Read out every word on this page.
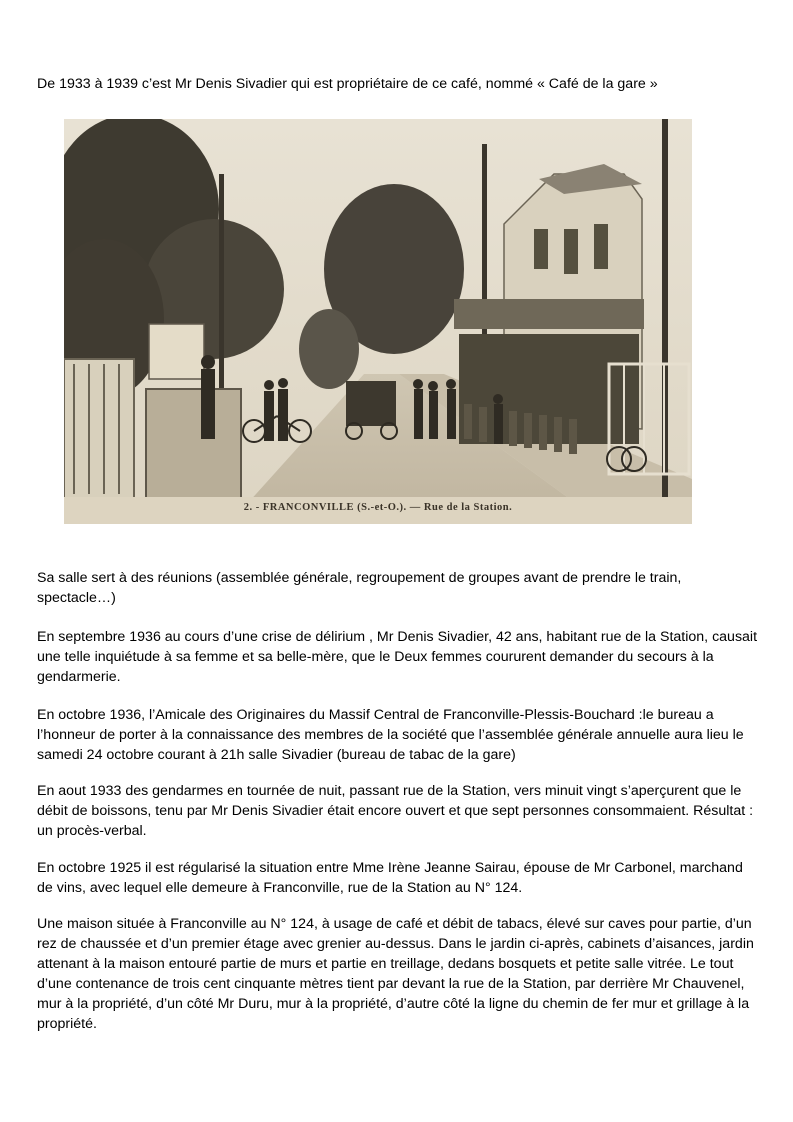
De 1933 à 1939 c’est Mr Denis Sivadier qui est propriétaire de ce café, nommé « Café de la gare »

2. - FRANCONVILLE (S.-et-O.). — Rue de la Station.

Sa salle sert à des réunions (assemblée générale, regroupement de groupes avant de prendre le train, spectacle…)

En septembre 1936 au cours d’une crise de délirium , Mr Denis Sivadier, 42 ans, habitant rue de la Station, causait une telle inquiétude à sa femme et sa belle-mère, que le Deux femmes coururent demander du secours à la gendarmerie.

En octobre 1936, l’Amicale des Originaires du Massif Central de Franconville-Plessis-Bouchard :le bureau a l’honneur de porter à la connaissance des membres de la société que l’assemblée générale annuelle aura lieu le samedi 24 octobre courant à 21h salle Sivadier (bureau de tabac de la gare)

En aout 1933 des gendarmes en tournée de nuit, passant rue de la Station, vers minuit vingt s’aperçurent que le débit de boissons, tenu par Mr Denis Sivadier était encore ouvert et que sept personnes consommaient. Résultat : un procès-verbal.

En octobre 1925 il est régularisé la situation entre Mme Irène Jeanne Sairau, épouse de Mr Carbonel, marchand de vins, avec lequel elle demeure à Franconville, rue de la Station au N° 124.

Une maison située à Franconville au N° 124, à usage de café et débit de tabacs, élevé sur caves pour partie, d’un rez de chaussée et d’un premier étage avec grenier au-dessus. Dans le jardin ci-après, cabinets d’aisances, jardin attenant à la maison entouré partie de murs et partie en treillage, dedans bosquets et petite salle vitrée. Le tout d’une contenance de trois cent cinquante mètres tient par devant la rue de la Station, par derrière Mr Chauvenel, mur à la propriété, d’un côté Mr Duru, mur à la propriété, d’autre côté la ligne du chemin de fer mur et grillage à la propriété.
